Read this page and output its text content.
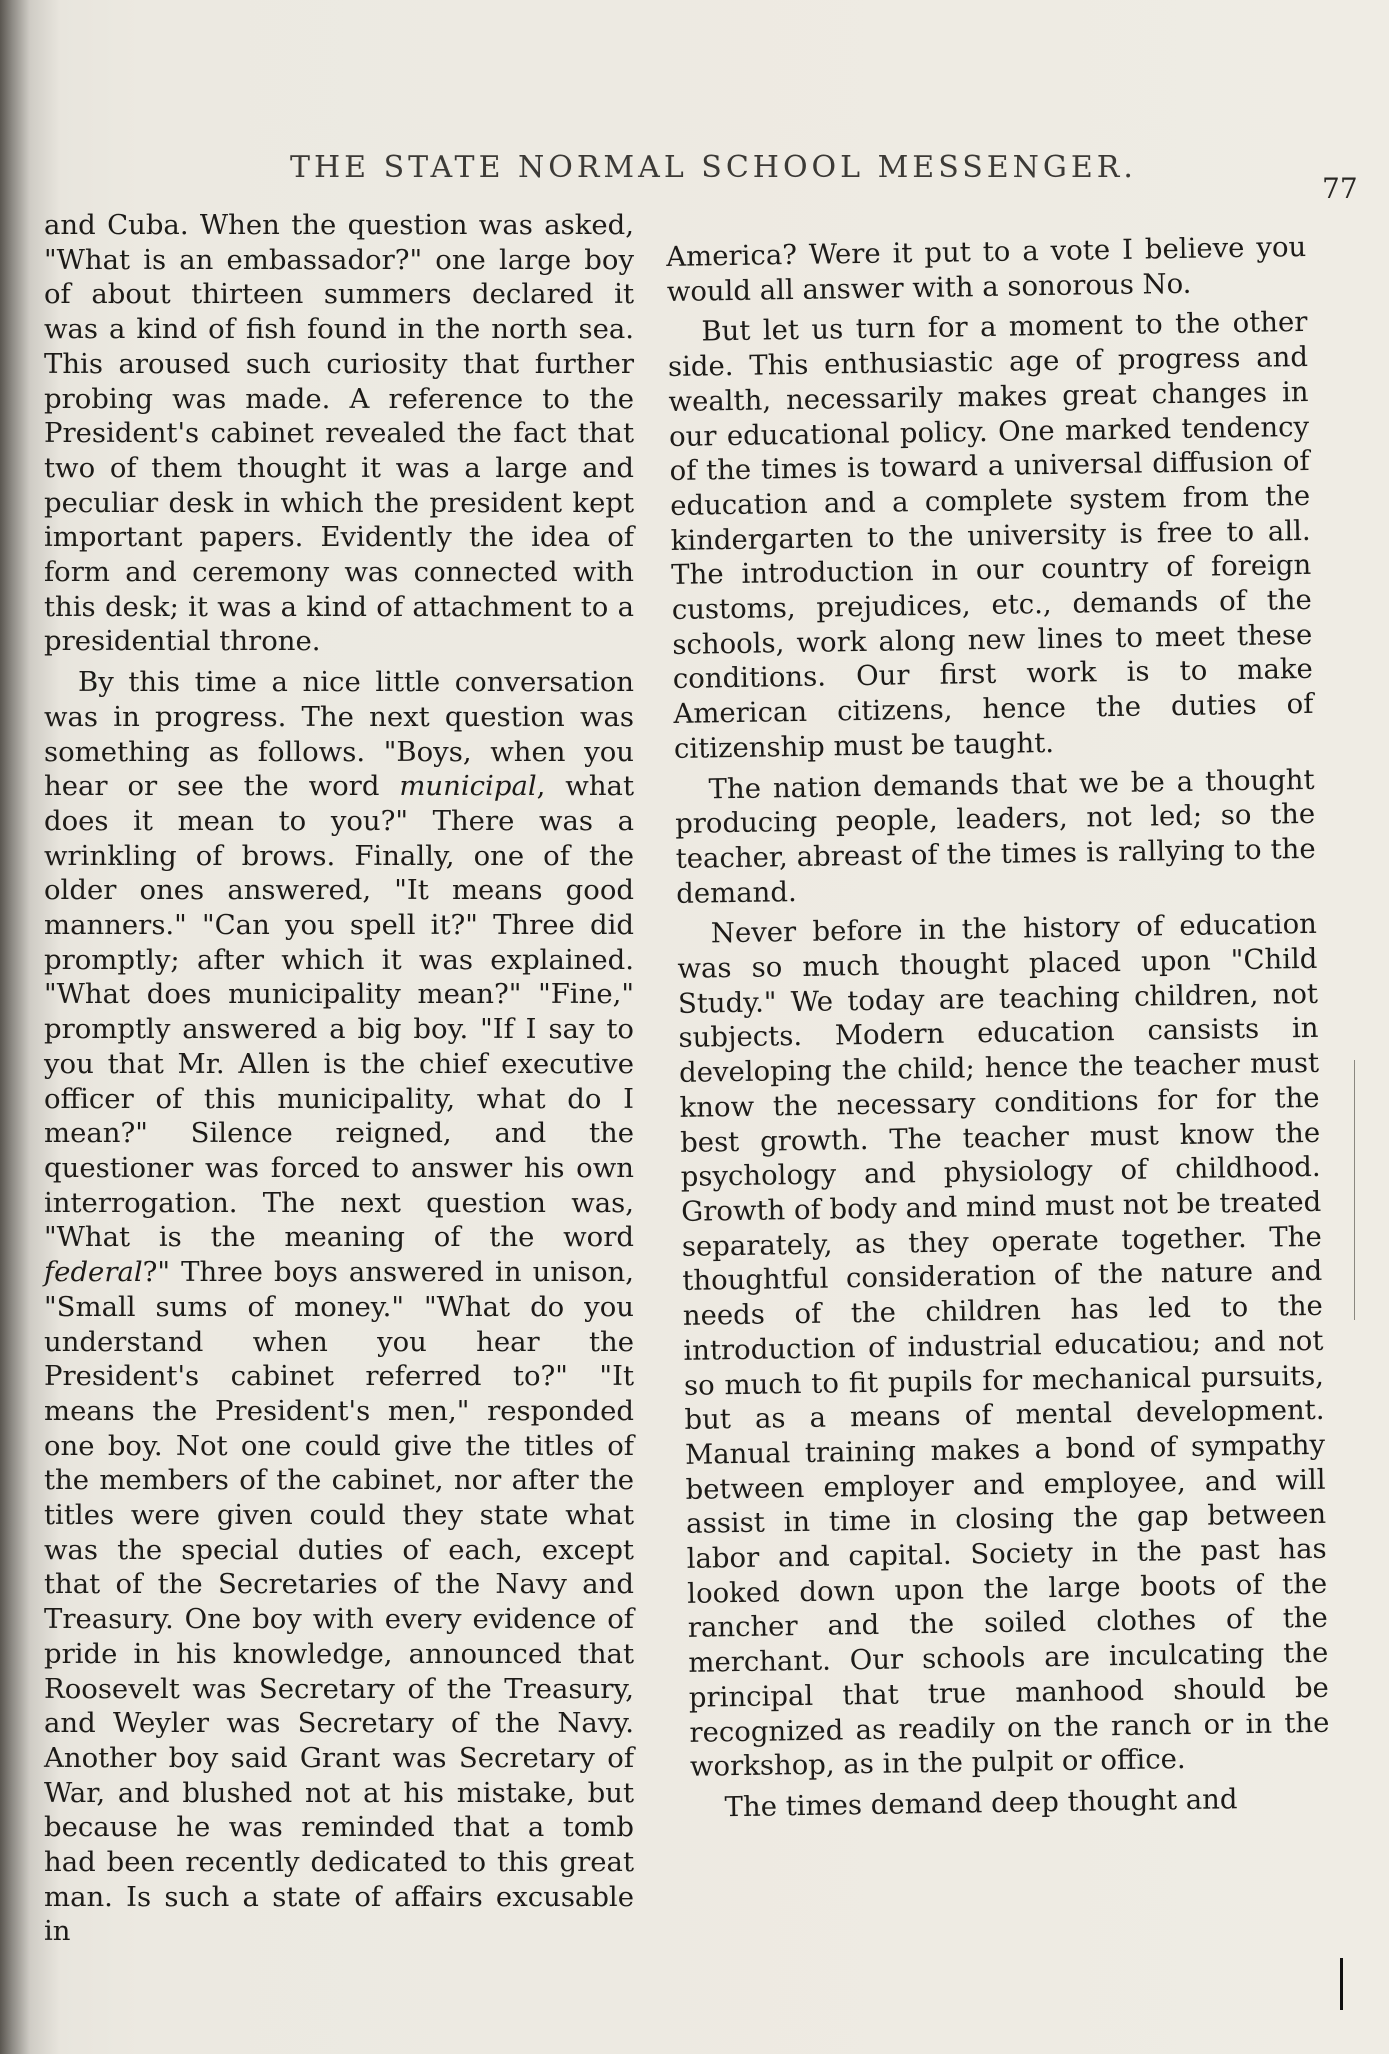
THE STATE NORMAL SCHOOL MESSENGER.
77

and Cuba. When the question was asked, "What is an embassador?" one large boy of about thirteen summers declared it was a kind of fish found in the north sea. This aroused such curiosity that further probing was made. A reference to the President's cabinet revealed the fact that two of them thought it was a large and peculiar desk in which the president kept important papers. Evidently the idea of form and ceremony was connected with this desk; it was a kind of attachment to a presidential throne.

By this time a nice little conversation was in progress. The next question was something as follows. "Boys, when you hear or see the word municipal, what does it mean to you?" There was a wrinkling of brows. Finally, one of the older ones answered, "It means good manners." "Can you spell it?" Three did promptly; after which it was explained. "What does municipality mean?" "Fine," promptly answered a big boy. "If I say to you that Mr. Allen is the chief executive officer of this municipality, what do I mean?" Silence reigned, and the questioner was forced to answer his own interrogation. The next question was, "What is the meaning of the word federal?" Three boys answered in unison, "Small sums of money." "What do you understand when you hear the President's cabinet referred to?" "It means the President's men," responded one boy. Not one could give the titles of the members of the cabinet, nor after the titles were given could they state what was the special duties of each, except that of the Secretaries of the Navy and Treasury. One boy with every evidence of pride in his knowledge, announced that Roosevelt was Secretary of the Treasury, and Weyler was Secretary of the Navy. Another boy said Grant was Secretary of War, and blushed not at his mistake, but because he was reminded that a tomb had been recently dedicated to this great man. Is such a state of affairs excusable in

America? Were it put to a vote I believe you would all answer with a sonorous No.

But let us turn for a moment to the other side. This enthusiastic age of progress and wealth, necessarily makes great changes in our educational policy. One marked tendency of the times is toward a universal diffusion of education and a complete system from the kindergarten to the university is free to all. The introduction in our country of foreign customs, prejudices, etc., demands of the schools, work along new lines to meet these conditions. Our first work is to make American citizens, hence the duties of citizenship must be taught.

The nation demands that we be a thought producing people, leaders, not led; so the teacher, abreast of the times is rallying to the demand.

Never before in the history of education was so much thought placed upon "Child Study." We today are teaching children, not subjects. Modern education cansists in developing the child; hence the teacher must know the necessary conditions for for the best growth. The teacher must know the psychology and physiology of childhood. Growth of body and mind must not be treated separately, as they operate together. The thoughtful consideration of the nature and needs of the children has led to the introduction of industrial educatiou; and not so much to fit pupils for mechanical pursuits, but as a means of mental development. Manual training makes a bond of sympathy between employer and employee, and will assist in time in closing the gap between labor and capital. Society in the past has looked down upon the large boots of the rancher and the soiled clothes of the merchant. Our schools are inculcating the principal that true manhood should be recognized as readily on the ranch or in the workshop, as in the pulpit or office.

The times demand deep thought and
